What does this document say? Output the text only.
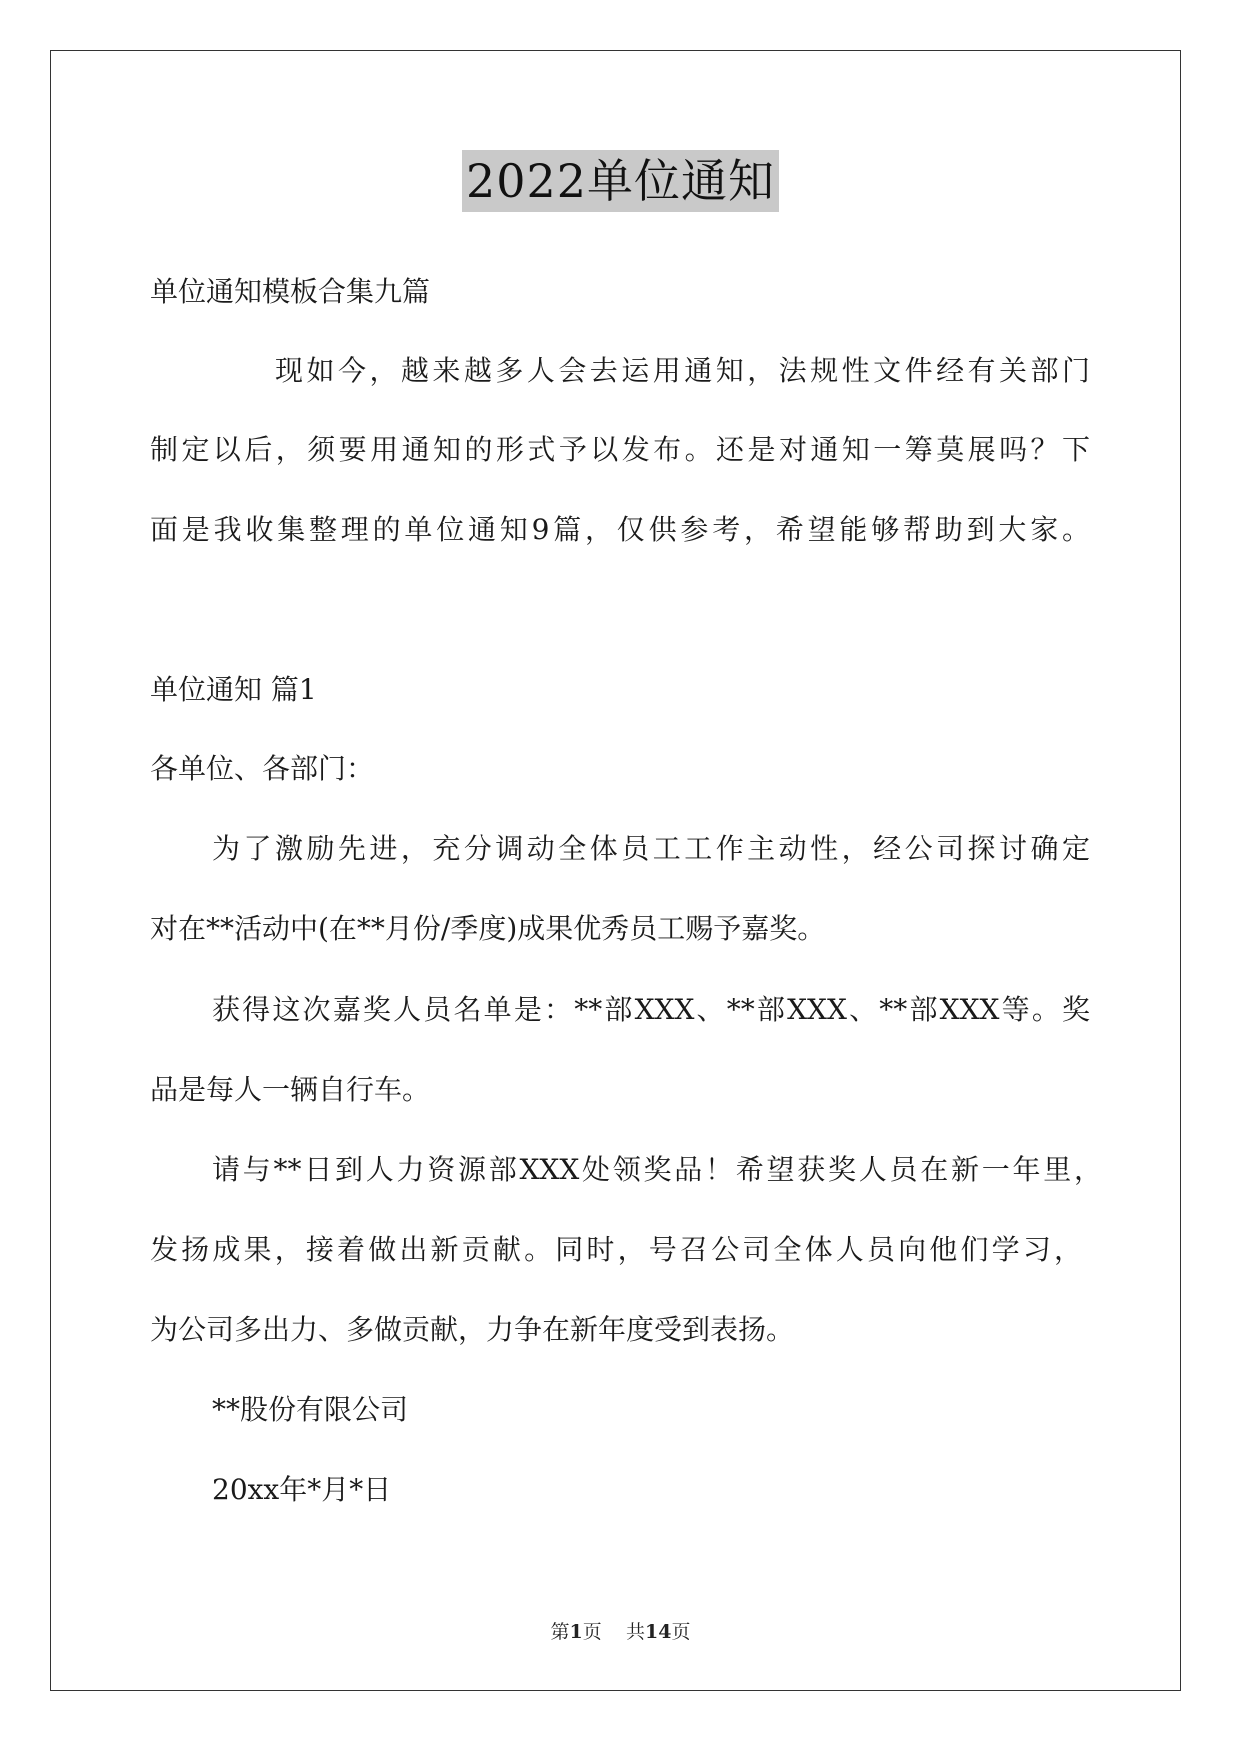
2022单位通知
单位通知模板合集九篇
现如今，越来越多人会去运用通知，法规性文件经有关部门
制定以后，须要用通知的形式予以发布。还是对通知一筹莫展吗？下
面是我收集整理的单位通知9篇，仅供参考，希望能够帮助到大家。
单位通知 篇1
各单位、各部门：
为了激励先进，充分调动全体员工工作主动性，经公司探讨确定
对在**活动中(在**月份/季度)成果优秀员工赐予嘉奖。
获得这次嘉奖人员名单是：**部XXX、**部XXX、**部XXX等。奖
品是每人一辆自行车。
请与**日到人力资源部XXX处领奖品！希望获奖人员在新一年里，
发扬成果，接着做出新贡献。同时，号召公司全体人员向他们学习，
为公司多出力、多做贡献，力争在新年度受到表扬。
**股份有限公司
20xx年*月*日
第1页 共14页
